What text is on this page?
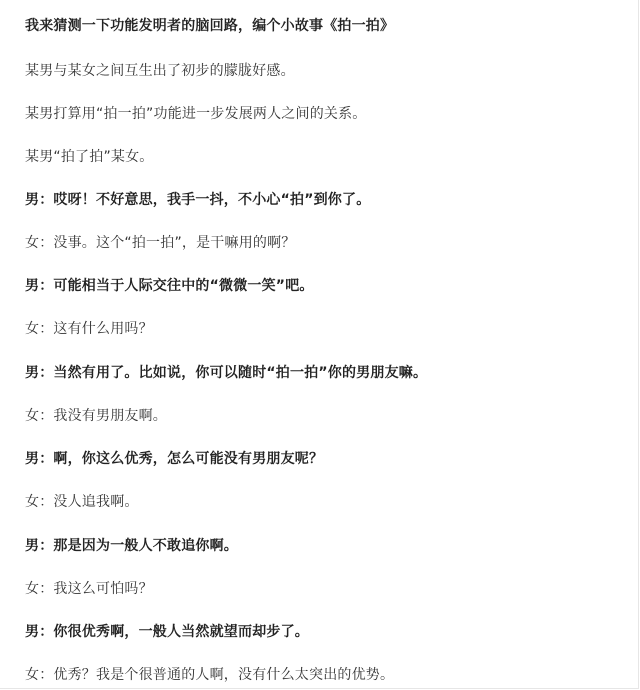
我来猜测一下功能发明者的脑回路，编个小故事《拍一拍》

某男与某女之间互生出了初步的朦胧好感。

某男打算用“拍一拍”功能进一步发展两人之间的关系。

某男“拍了拍”某女。

男：哎呀！不好意思，我手一抖，不小心“拍”到你了。

女：没事。这个“拍一拍”，是干嘛用的啊？

男：可能相当于人际交往中的“微微一笑”吧。

女：这有什么用吗？

男：当然有用了。比如说，你可以随时“拍一拍”你的男朋友嘛。

女：我没有男朋友啊。

男：啊，你这么优秀，怎么可能没有男朋友呢？

女：没人追我啊。

男：那是因为一般人不敢追你啊。

女：我这么可怕吗？

男：你很优秀啊，一般人当然就望而却步了。

女：优秀？我是个很普通的人啊，没有什么太突出的优势。
